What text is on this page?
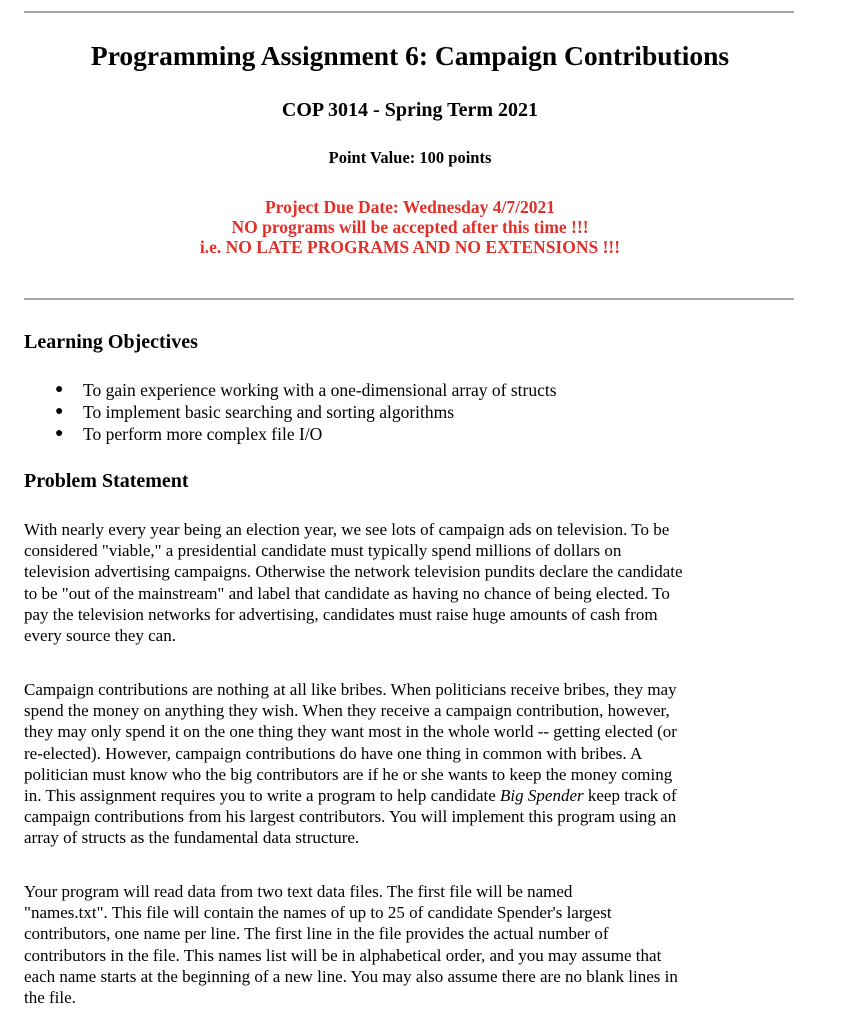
Programming Assignment 6: Campaign Contributions
COP 3014 - Spring Term 2021
Point Value: 100 points
Project Due Date: Wednesday 4/7/2021
NO programs will be accepted after this time !!!
i.e. NO LATE PROGRAMS AND NO EXTENSIONS !!!
Learning Objectives
● To gain experience working with a one-dimensional array of structs
● To implement basic searching and sorting algorithms
● To perform more complex file I/O
Problem Statement
With nearly every year being an election year, we see lots of campaign ads on television. To be
considered "viable," a presidential candidate must typically spend millions of dollars on
television advertising campaigns. Otherwise the network television pundits declare the candidate
to be "out of the mainstream" and label that candidate as having no chance of being elected. To
pay the television networks for advertising, candidates must raise huge amounts of cash from
every source they can.
Campaign contributions are nothing at all like bribes. When politicians receive bribes, they may
spend the money on anything they wish. When they receive a campaign contribution, however,
they may only spend it on the one thing they want most in the whole world -- getting elected (or
re-elected). However, campaign contributions do have one thing in common with bribes. A
politician must know who the big contributors are if he or she wants to keep the money coming
in. This assignment requires you to write a program to help candidate Big Spender keep track of
campaign contributions from his largest contributors. You will implement this program using an
array of structs as the fundamental data structure.
Your program will read data from two text data files. The first file will be named
"names.txt". This file will contain the names of up to 25 of candidate Spender's largest
contributors, one name per line. The first line in the file provides the actual number of
contributors in the file. This names list will be in alphabetical order, and you may assume that
each name starts at the beginning of a new line. You may also assume there are no blank lines in
the file.
